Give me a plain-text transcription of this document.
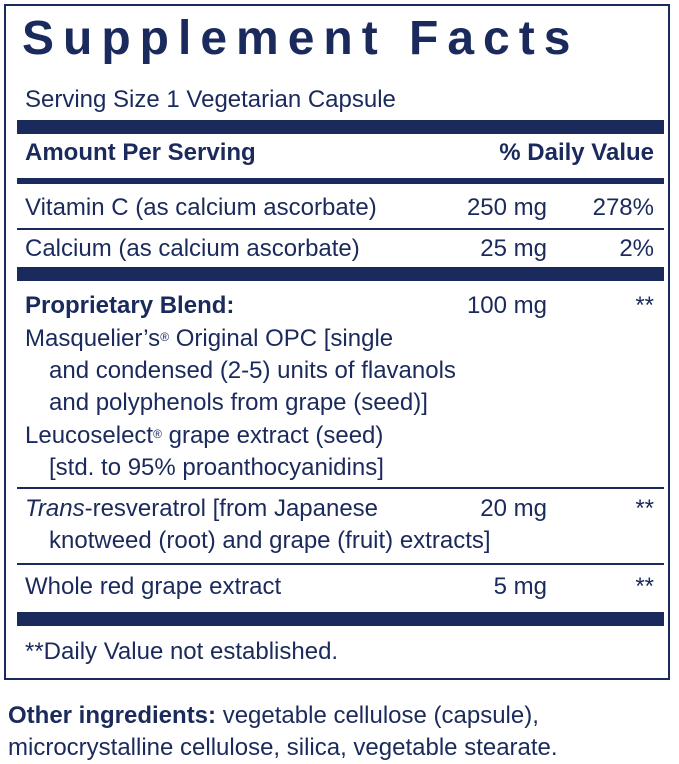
Supplement Facts
Serving Size 1 Vegetarian Capsule
Amount Per Serving	% Daily Value
Vitamin C (as calcium ascorbate)	250 mg	278%
Calcium (as calcium ascorbate)	25 mg	2%
Proprietary Blend:	100 mg	**
Masquelier’s® Original OPC [single
and condensed (2-5) units of flavanols
and polyphenols from grape (seed)]
Leucoselect® grape extract (seed)
[std. to 95% proanthocyanidins]
Trans-resveratrol [from Japanese	20 mg	**
knotweed (root) and grape (fruit) extracts]
Whole red grape extract	5 mg	**
**Daily Value not established.
Other ingredients: vegetable cellulose (capsule), microcrystalline cellulose, silica, vegetable stearate.
